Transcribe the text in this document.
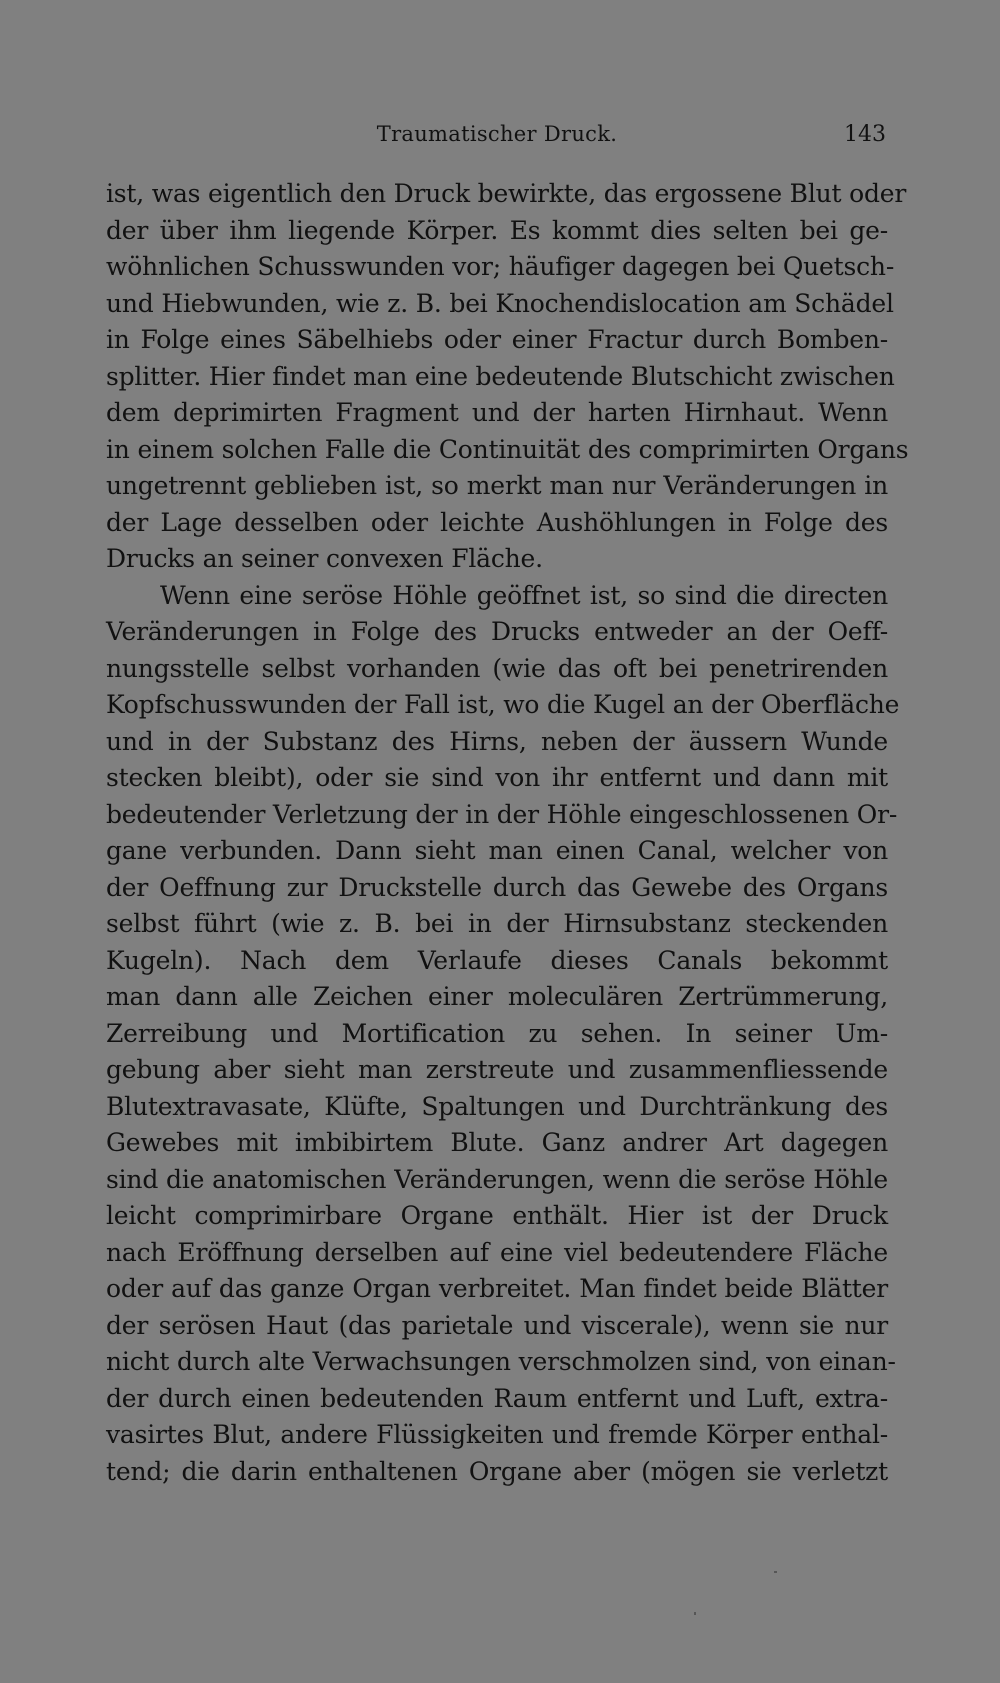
Traumatischer Druck.	143
ist, was eigentlich den Druck bewirkte, das ergossene Blut oder
der über ihm liegende Körper. Es kommt dies selten bei ge-
wöhnlichen Schusswunden vor; häufiger dagegen bei Quetsch-
und Hiebwunden, wie z. B. bei Knochendislocation am Schädel
in Folge eines Säbelhiebs oder einer Fractur durch Bomben-
splitter. Hier findet man eine bedeutende Blutschicht zwischen
dem deprimirten Fragment und der harten Hirnhaut. Wenn
in einem solchen Falle die Continuität des comprimirten Organs
ungetrennt geblieben ist, so merkt man nur Veränderungen in
der Lage desselben oder leichte Aushöhlungen in Folge des
Drucks an seiner convexen Fläche.
Wenn eine seröse Höhle geöffnet ist, so sind die directen
Veränderungen in Folge des Drucks entweder an der Oeff-
nungsstelle selbst vorhanden (wie das oft bei penetrirenden
Kopfschusswunden der Fall ist, wo die Kugel an der Oberfläche
und in der Substanz des Hirns, neben der äussern Wunde
stecken bleibt), oder sie sind von ihr entfernt und dann mit
bedeutender Verletzung der in der Höhle eingeschlossenen Or-
gane verbunden. Dann sieht man einen Canal, welcher von
der Oeffnung zur Druckstelle durch das Gewebe des Organs
selbst führt (wie z. B. bei in der Hirnsubstanz steckenden
Kugeln). Nach dem Verlaufe dieses Canals bekommt
man dann alle Zeichen einer moleculären Zertrümmerung,
Zerreibung und Mortification zu sehen. In seiner Um-
gebung aber sieht man zerstreute und zusammenfliessende
Blutextravasate, Klüfte, Spaltungen und Durchtränkung des
Gewebes mit imbibirtem Blute. Ganz andrer Art dagegen
sind die anatomischen Veränderungen, wenn die seröse Höhle
leicht comprimirbare Organe enthält. Hier ist der Druck
nach Eröffnung derselben auf eine viel bedeutendere Fläche
oder auf das ganze Organ verbreitet. Man findet beide Blätter
der serösen Haut (das parietale und viscerale), wenn sie nur
nicht durch alte Verwachsungen verschmolzen sind, von einan-
der durch einen bedeutenden Raum entfernt und Luft, extra-
vasirtes Blut, andere Flüssigkeiten und fremde Körper enthal-
tend; die darin enthaltenen Organe aber (mögen sie verletzt
